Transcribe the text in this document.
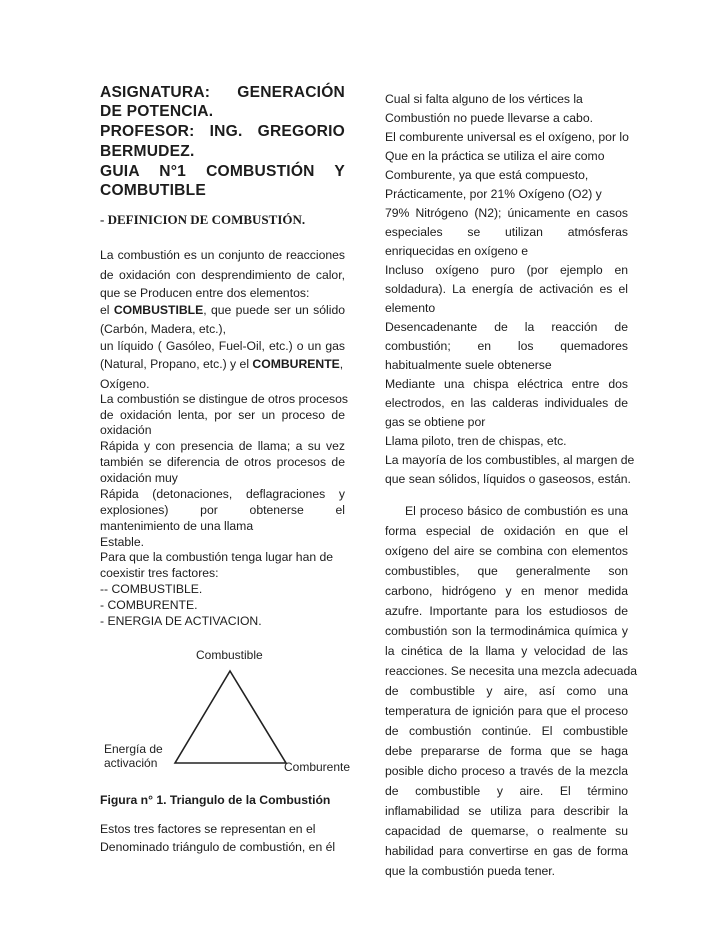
ASIGNATURA: GENERACIÓN
DE POTENCIA.
PROFESOR: ING. GREGORIO
BERMUDEZ.
GUIA N°1 COMBUSTIÓN Y
COMBUTIBLE
- DEFINICION DE COMBUSTIÓN.
La combustión es un conjunto de reacciones
de oxidación con desprendimiento de calor,
que se Producen entre dos elementos:
el COMBUSTIBLE, que puede ser un sólido
(Carbón, Madera, etc.),
un líquido ( Gasóleo, Fuel-Oil, etc.) o un gas
(Natural, Propano, etc.) y el COMBURENTE,
Oxígeno.
La combustión se distingue de otros procesos
de oxidación lenta, por ser un proceso de
oxidación
Rápida y con presencia de llama; a su vez
también se diferencia de otros procesos de
oxidación muy
Rápida (detonaciones, deflagraciones y
explosiones) por obtenerse el
mantenimiento de una llama
Estable.
Para que la combustión tenga lugar han de
coexistir tres factores:
-- COMBUSTIBLE.
- COMBURENTE.
- ENERGIA DE ACTIVACION.
Figura n° 1. Triangulo de la Combustión
Estos tres factores se representan en el
Denominado triángulo de combustión, en él
Combustible
Energía de
activación	Comburente
Cual si falta alguno de los vértices la
Combustión no puede llevarse a cabo.
El comburente universal es el oxígeno, por lo
Que en la práctica se utiliza el aire como
Comburente, ya que está compuesto,
Prácticamente, por 21% Oxígeno (O2) y
79% Nitrógeno (N2); únicamente en casos
especiales se utilizan atmósferas
enriquecidas en oxígeno e
Incluso oxígeno puro (por ejemplo en
soldadura). La energía de activación es el
elemento
Desencadenante de la reacción de
combustión; en los quemadores
habitualmente suele obtenerse
Mediante una chispa eléctrica entre dos
electrodos, en las calderas individuales de
gas se obtiene por
Llama piloto, tren de chispas, etc.
La mayoría de los combustibles, al margen de
que sean sólidos, líquidos o gaseosos, están.
El proceso básico de combustión es una
forma especial de oxidación en que el
oxígeno del aire se combina con elementos
combustibles, que generalmente son
carbono, hidrógeno y en menor medida
azufre. Importante para los estudiosos de
combustión son la termodinámica química y
la cinética de la llama y velocidad de las
reacciones. Se necesita una mezcla adecuada
de combustible y aire, así como una
temperatura de ignición para que el proceso
de combustión continúe. El combustible
debe prepararse de forma que se haga
posible dicho proceso a través de la mezcla
de combustible y aire. El término
inflamabilidad se utiliza para describir la
capacidad de quemarse, o realmente su
habilidad para convertirse en gas de forma
que la combustión pueda tener.
